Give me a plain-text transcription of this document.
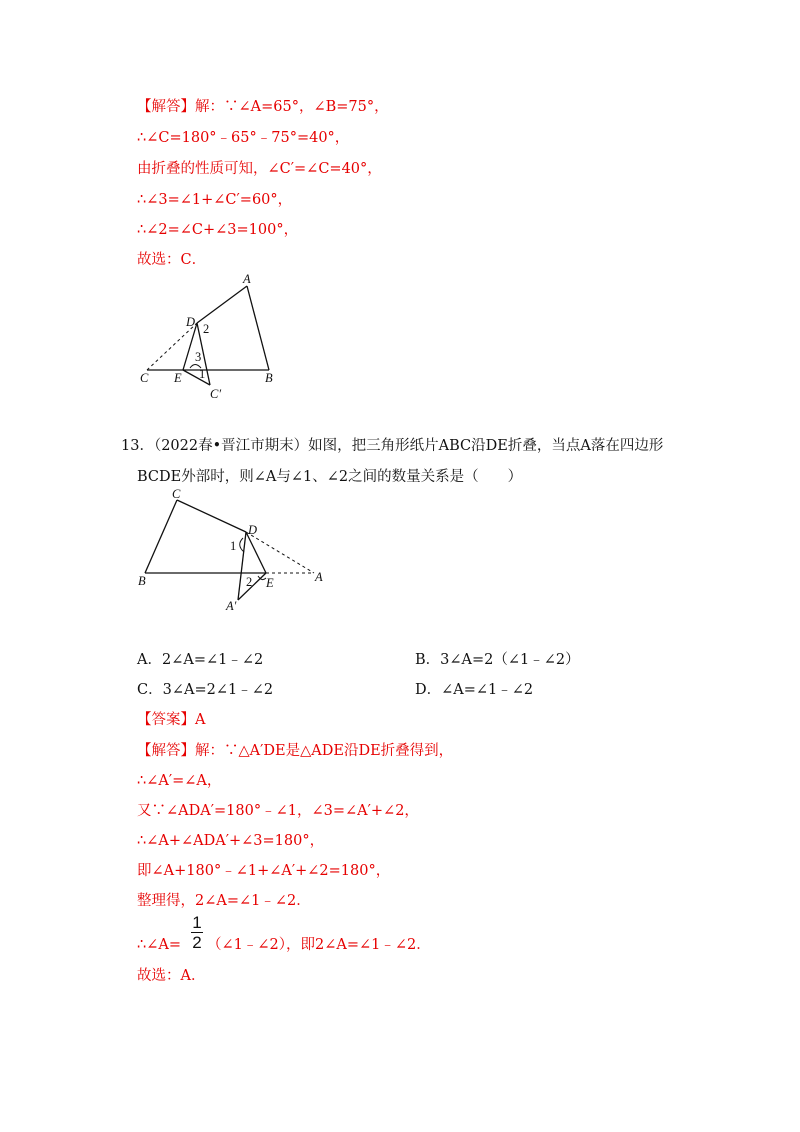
【解答】解：∵∠A=65°，∠B=75°，
∴∠C=180°﹣65°﹣75°=40°，
由折叠的性质可知，∠C′=∠C=40°，
∴∠3=∠1+∠C′=60°，
∴∠2=∠C+∠3=100°，
故选：C．
A
D 2
3
1
C E	B
C′
13．（2022春•晋江市期末）如图，把三角形纸片ABC沿DE折叠，当点A落在四边形
BCDE外部时，则∠A与∠1、∠2之间的数量关系是（　　）
C
D
1
B	2 E	A
A′
A．2∠A=∠1﹣∠2	B．3∠A=2（∠1﹣∠2）
C．3∠A=2∠1﹣∠2	D．∠A=∠1﹣∠2
【答案】A
【解答】解：∵△A′DE是△ADE沿DE折叠得到，
∴∠A′=∠A，
又∵∠ADA′=180°﹣∠1，∠3=∠A′+∠2，
∴∠A+∠ADA′+∠3=180°，
即∠A+180°﹣∠1+∠A′+∠2=180°，
整理得，2∠A=∠1﹣∠2．
∴∠A=
1
2 （∠1﹣∠2），即2∠A=∠1﹣∠2．
故选：A．
